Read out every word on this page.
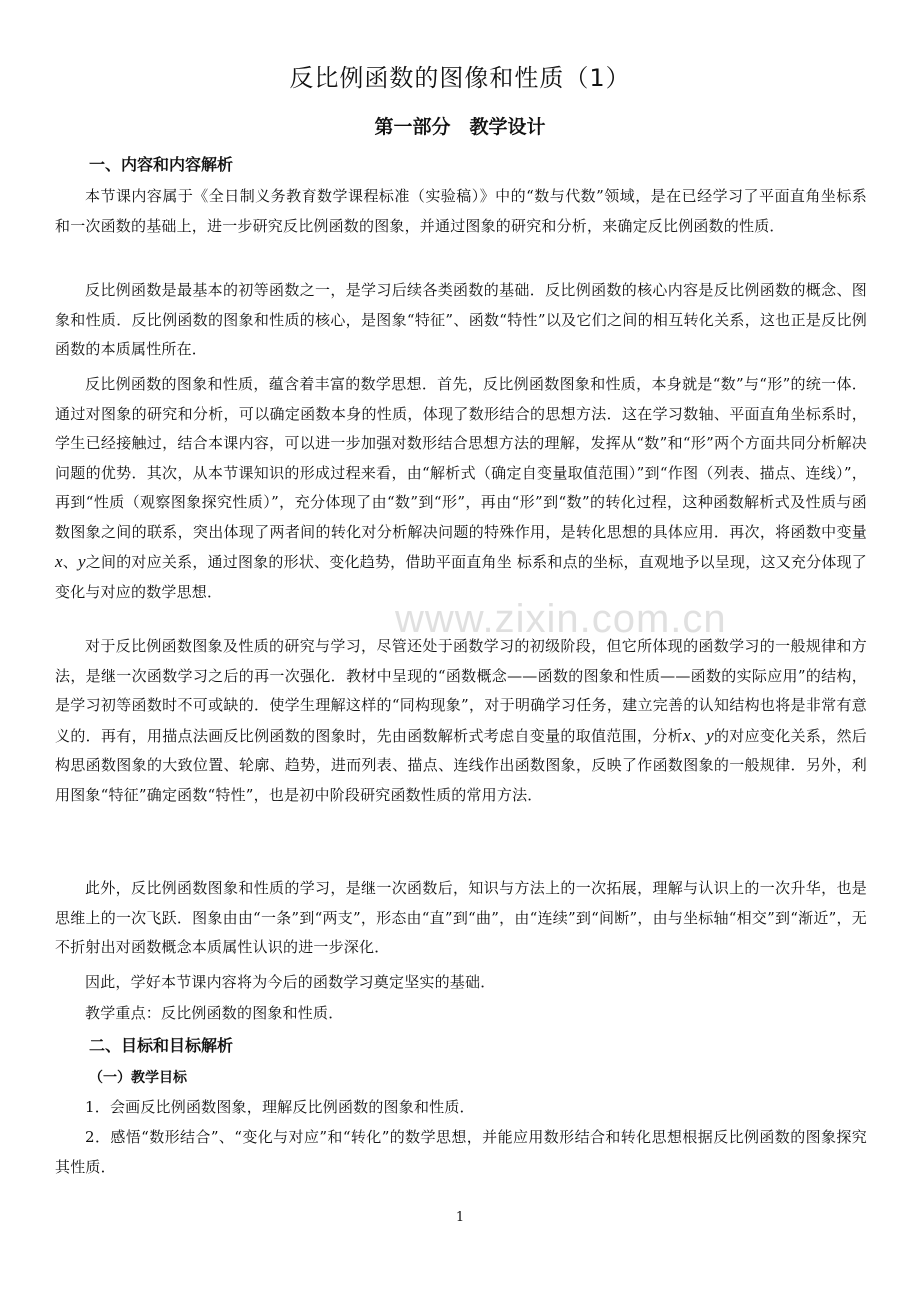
反比例函数的图像和性质（1）
第一部分　教学设计
一、内容和内容解析

本节课内容属于《全日制义务教育数学课程标准（实验稿）》中的“数与代数”领域，是在已经学习了平面直角坐标系和一次函数的基础上，进一步研究反比例函数的图象，并通过图象的研究和分析，来确定反比例函数的性质．

反比例函数是最基本的初等函数之一，是学习后续各类函数的基础．反比例函数的核心内容是反比例函数的概念、图象和性质．反比例函数的图象和性质的核心，是图象“特征”、函数“特性”以及它们之间的相互转化关系，这也正是反比例函数的本质属性所在．

反比例函数的图象和性质，蕴含着丰富的数学思想．首先，反比例函数图象和性质，本身就是“数”与“形”的统一体．通过对图象的研究和分析，可以确定函数本身的性质，体现了数形结合的思想方法．这在学习数轴、平面直角坐标系时，学生已经接触过，结合本课内容，可以进一步加强对数形结合思想方法的理解，发挥从“数”和“形”两个方面共同分析解决问题的优势．其次，从本节课知识的形成过程来看，由“解析式（确定自变量取值范围）”到“作图（列表、描点、连线）”，再到“性质（观察图象探究性质）”，充分体现了由“数”到“形”，再由“形”到“数”的转化过程，这种函数解析式及性质与函数图象之间的联系，突出体现了两者间的转化对分析解决问题的特殊作用，是转化思想的具体应用．再次，将函数中变量x、y之间的对应关系，通过图象的形状、变化趋势，借助平面直角坐 标系和点的坐标，直观地予以呈现，这又充分体现了变化与对应的数学思想．

对于反比例函数图象及性质的研究与学习，尽管还处于函数学习的初级阶段，但它所体现的函数学习的一般规律和方法，是继一次函数学习之后的再一次强化．教材中呈现的“函数概念——函数的图象和性质——函数的实际应用”的结构，是学习初等函数时不可或缺的．使学生理解这样的“同构现象”，对于明确学习任务，建立完善的认知结构也将是非常有意义的．再有，用描点法画反比例函数的图象时，先由函数解析式考虑自变量的取值范围，分析x、y的对应变化关系，然后构思函数图象的大致位置、轮廓、趋势，进而列表、描点、连线作出函数图象，反映了作函数图象的一般规律．另外，利用图象“特征”确定函数“特性”，也是初中阶段研究函数性质的常用方法．

此外，反比例函数图象和性质的学习，是继一次函数后，知识与方法上的一次拓展，理解与认识上的一次升华，也是思维上的一次飞跃．图象由由“一条”到“两支”，形态由“直”到“曲”，由“连续”到“间断”，由与坐标轴“相交”到“渐近”，无不折射出对函数概念本质属性认识的进一步深化．

因此，学好本节课内容将为今后的函数学习奠定坚实的基础．

教学重点：反比例函数的图象和性质．

二、目标和目标解析
（一）教学目标

1．会画反比例函数图象，理解反比例函数的图象和性质．

2．感悟“数形结合”、“变化与对应”和“转化”的数学思想，并能应用数形结合和转化思想根据反比例函数的图象探究其性质．

www.zixin.com.cn
1
